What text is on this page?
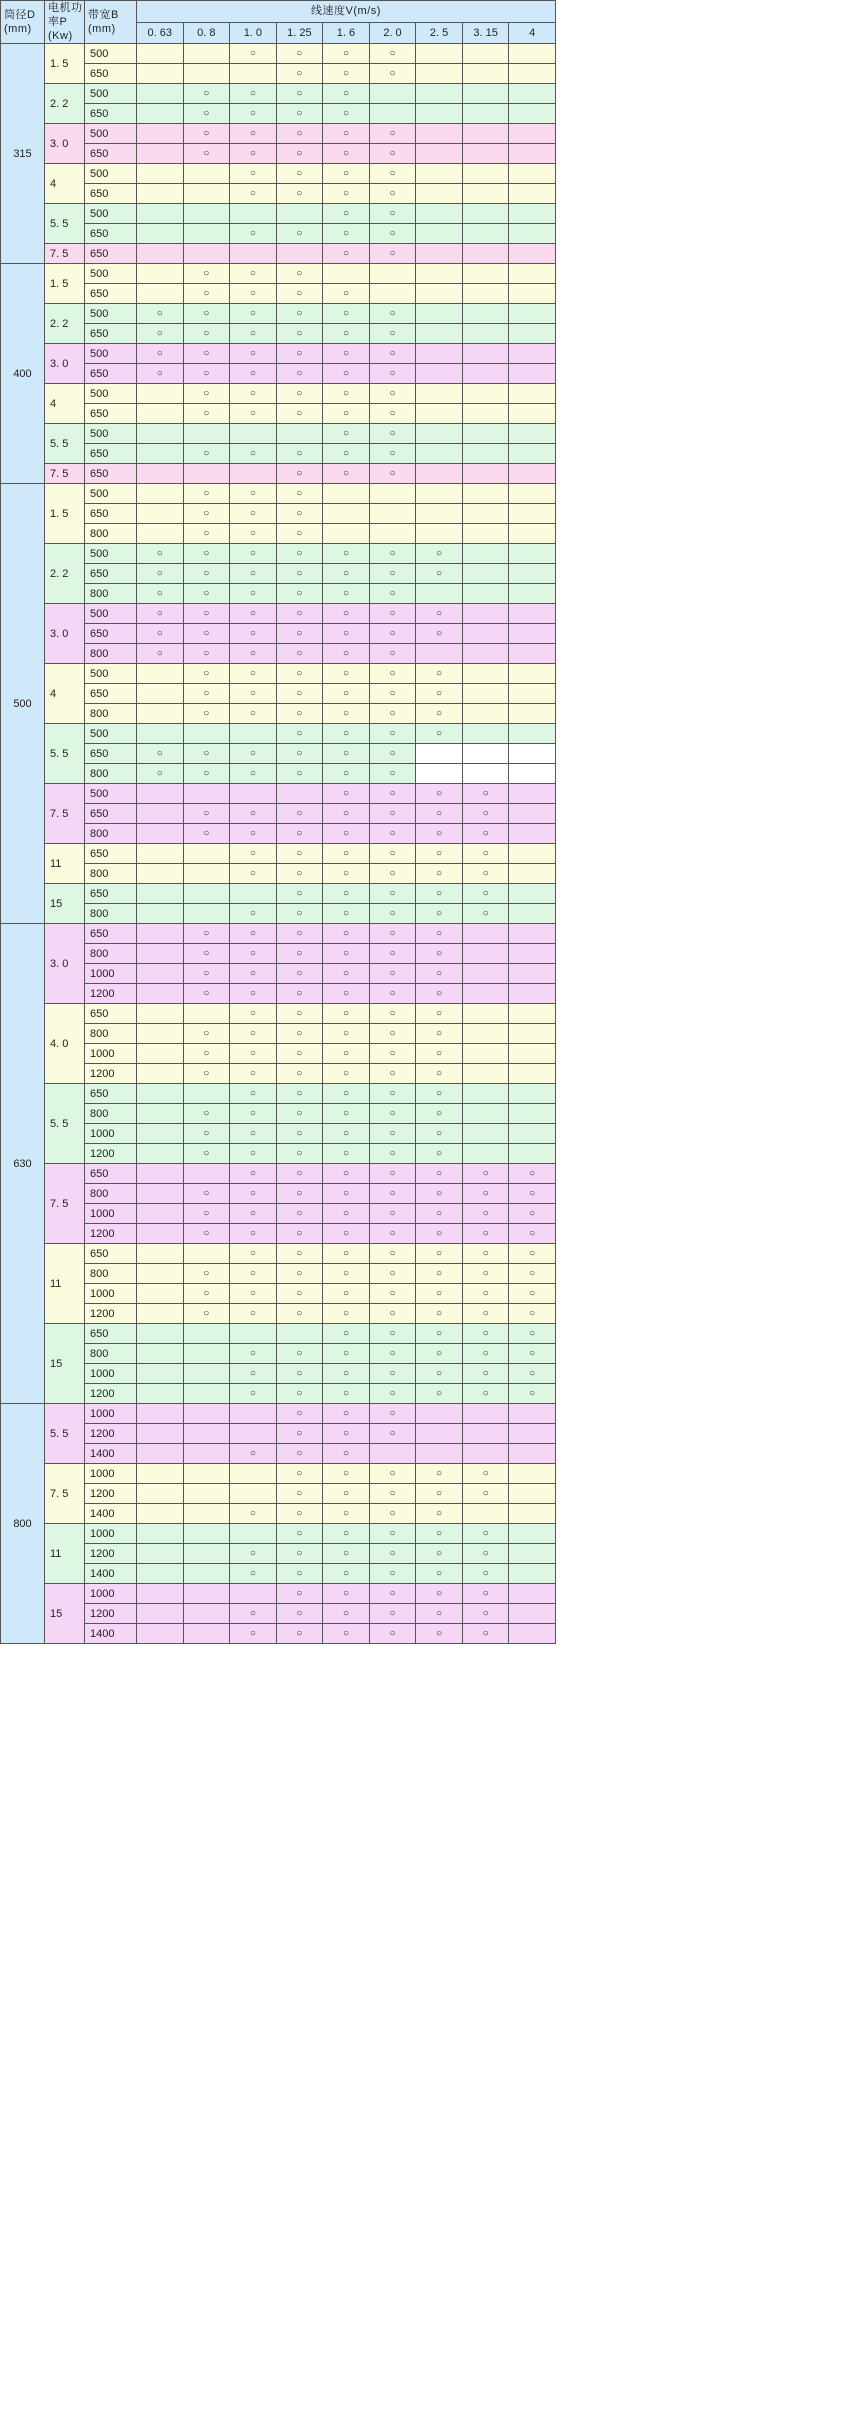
筒径D
(mm)

电机功
率P
(Kw)

带宽B
(mm)
	线速度V(m/s)
			0. 63	0. 8	1. 0	1. 25	1. 6	2. 0	2. 5	3. 15	4
315	1. 5	500			○	○	○	○			
		650				○	○	○			
	2. 2	500		○	○	○	○				
		650		○	○	○	○				
	3. 0	500		○	○	○	○	○			
		650		○	○	○	○	○			
	4	500			○	○	○	○			
		650			○	○	○	○			
	5. 5	500					○	○			
		650			○	○	○	○			
	7. 5	650					○	○			
400	1. 5	500		○	○	○					
		650		○	○	○	○				
	2. 2	500	○	○	○	○	○	○			
		650	○	○	○	○	○	○			
	3. 0	500	○	○	○	○	○	○			
		650	○	○	○	○	○	○			
	4	500		○	○	○	○	○			
		650		○	○	○	○	○			
	5. 5	500					○	○			
		650		○	○	○	○	○			
	7. 5	650				○	○	○			
500	1. 5	500		○	○	○					
		650		○	○	○					
		800		○	○	○					
	2. 2	500	○	○	○	○	○	○	○		
		650	○	○	○	○	○	○	○		
		800	○	○	○	○	○	○			
	3. 0	500	○	○	○	○	○	○	○		
		650	○	○	○	○	○	○	○		
		800	○	○	○	○	○	○			
	4	500		○	○	○	○	○	○		
		650		○	○	○	○	○	○		
		800		○	○	○	○	○	○		
	5. 5	500				○	○	○	○		
		650	○	○	○	○	○	○			
		800	○	○	○	○	○	○			
	7. 5	500					○	○	○	○	
		650		○	○	○	○	○	○	○	
		800		○	○	○	○	○	○	○	
	11	650			○	○	○	○	○	○	
		800			○	○	○	○	○	○	
	15	650				○	○	○	○	○	
		800			○	○	○	○	○	○	
630	3. 0	650		○	○	○	○	○	○		
		800		○	○	○	○	○	○		
		1000		○	○	○	○	○	○		
		1200		○	○	○	○	○	○		
	4. 0	650			○	○	○	○	○		
		800		○	○	○	○	○	○		
		1000		○	○	○	○	○	○		
		1200		○	○	○	○	○	○		
	5. 5	650			○	○	○	○	○		
		800		○	○	○	○	○	○		
		1000		○	○	○	○	○	○		
		1200		○	○	○	○	○	○		
	7. 5	650			○	○	○	○	○	○	○
		800		○	○	○	○	○	○	○	○
		1000		○	○	○	○	○	○	○	○
		1200		○	○	○	○	○	○	○	○
	11	650			○	○	○	○	○	○	○
		800		○	○	○	○	○	○	○	○
		1000		○	○	○	○	○	○	○	○
		1200		○	○	○	○	○	○	○	○
	15	650					○	○	○	○	○
		800			○	○	○	○	○	○	○
		1000			○	○	○	○	○	○	○
		1200			○	○	○	○	○	○	○
800	5. 5	1000				○	○	○			
		1200				○	○	○			
		1400			○	○	○				
	7. 5	1000				○	○	○	○	○	
		1200				○	○	○	○	○	
		1400			○	○	○	○	○		
	11	1000				○	○	○	○	○	
		1200			○	○	○	○	○	○	
		1400			○	○	○	○	○	○	
	15	1000				○	○	○	○	○	
		1200			○	○	○	○	○	○	
		1400			○	○	○	○	○	○	
